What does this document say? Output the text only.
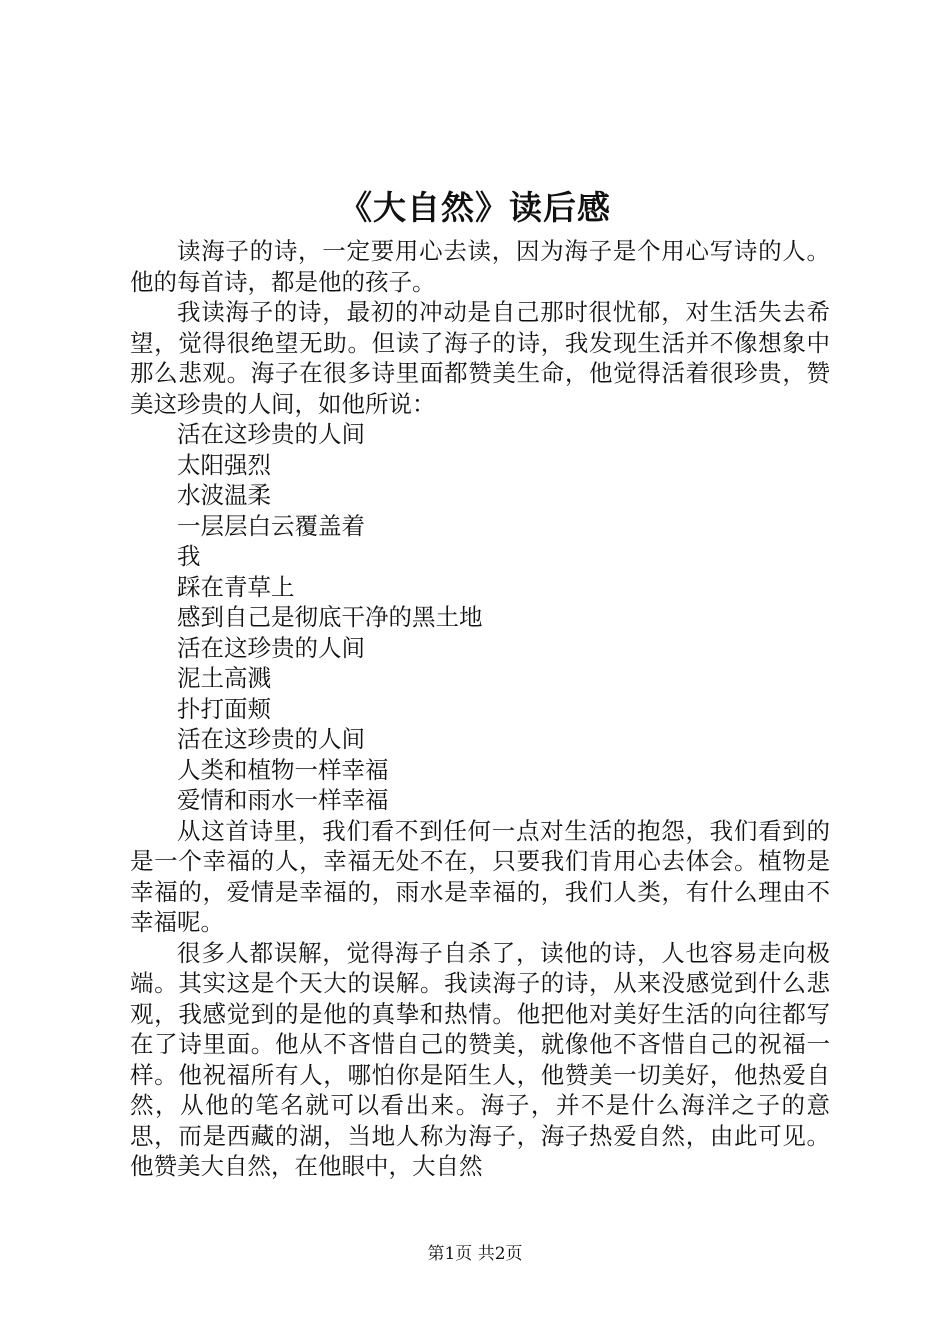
《大自然》读后感

读海子的诗，一定要用心去读，因为海子是个用心写诗的人。他的每首诗，都是他的孩子。

我读海子的诗，最初的冲动是自己那时很忧郁，对生活失去希望，觉得很绝望无助。但读了海子的诗，我发现生活并不像想象中那么悲观。海子在很多诗里面都赞美生命，他觉得活着很珍贵，赞美这珍贵的人间，如他所说：

活在这珍贵的人间

太阳强烈

水波温柔

一层层白云覆盖着

我

踩在青草上

感到自己是彻底干净的黑土地

活在这珍贵的人间

泥土高溅

扑打面颊

活在这珍贵的人间

人类和植物一样幸福

爱情和雨水一样幸福

从这首诗里，我们看不到任何一点对生活的抱怨，我们看到的是一个幸福的人，幸福无处不在，只要我们肯用心去体会。植物是幸福的，爱情是幸福的，雨水是幸福的，我们人类，有什么理由不幸福呢。

很多人都误解，觉得海子自杀了，读他的诗，人也容易走向极端。其实这是个天大的误解。我读海子的诗，从来没感觉到什么悲观，我感觉到的是他的真挚和热情。他把他对美好生活的向往都写在了诗里面。他从不吝惜自己的赞美，就像他不吝惜自己的祝福一样。他祝福所有人，哪怕你是陌生人，他赞美一切美好，他热爱自然，从他的笔名就可以看出来。海子，并不是什么海洋之子的意思，而是西藏的湖，当地人称为海子，海子热爱自然，由此可见。他赞美大自然，在他眼中，大自然

第1页 共2页
